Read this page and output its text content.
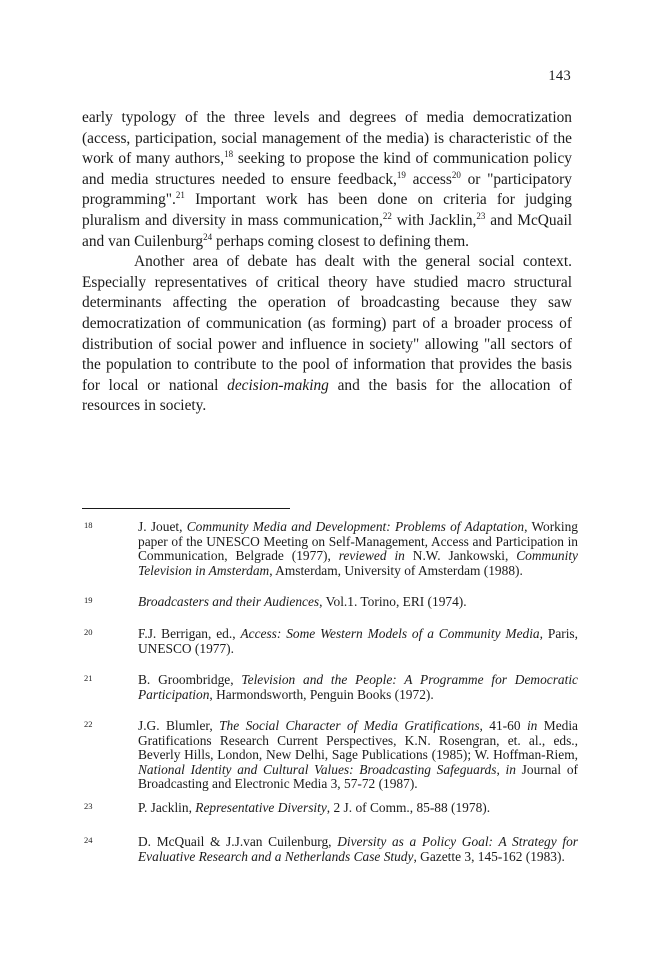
143

early typology of the three levels and degrees of media democratization (access, participation, social management of the media) is characteristic of the work of many authors,$^{18}$ seeking to propose the kind of communication policy and media structures needed to ensure feedback,$^{19}$ access$^{20}$ or "participatory programming".$^{21}$ Important work has been done on criteria for judging pluralism and diversity in mass communication,$^{22}$ with Jacklin,$^{23}$ and McQuail and van Cuilenburg$^{24}$ perhaps coming closest to defining them.

Another area of debate has dealt with the general social context. Especially representatives of critical theory have studied macro structural determinants affecting the operation of broadcasting because they saw democratization of communication (as forming) part of a broader process of distribution of social power and influence in society" allowing "all sectors of the population to contribute to the pool of information that provides the basis for local or national decision-making and the basis for the allocation of resources in society.

18	J. Jouet, Community Media and Development: Problems of Adaptation, Working paper of the UNESCO Meeting on Self-Management, Access and Participation in Communication, Belgrade (1977), reviewed in N.W. Jankowski, Community Television in Amsterdam, Amsterdam, University of Amsterdam (1988).
19	Broadcasters and their Audiences, Vol.1. Torino, ERI (1974).
20	F.J. Berrigan, ed., Access: Some Western Models of a Community Media, Paris, UNESCO (1977).
21	B. Groombridge, Television and the People: A Programme for Democratic Participation, Harmondsworth, Penguin Books (1972).
22	J.G. Blumler, The Social Character of Media Gratifications, 41-60 in Media Gratifications Research Current Perspectives, K.N. Rosengran, et. al., eds., Beverly Hills, London, New Delhi, Sage Publications (1985); W. Hoffman-Riem, National Identity and Cultural Values: Broadcasting Safeguards, in Journal of Broadcasting and Electronic Media 3, 57-72 (1987).
23	P. Jacklin, Representative Diversity, 2 J. of Comm., 85-88 (1978).
24	D. McQuail & J.J.van Cuilenburg, Diversity as a Policy Goal: A Strategy for Evaluative Research and a Netherlands Case Study, Gazette 3, 145-162 (1983).
